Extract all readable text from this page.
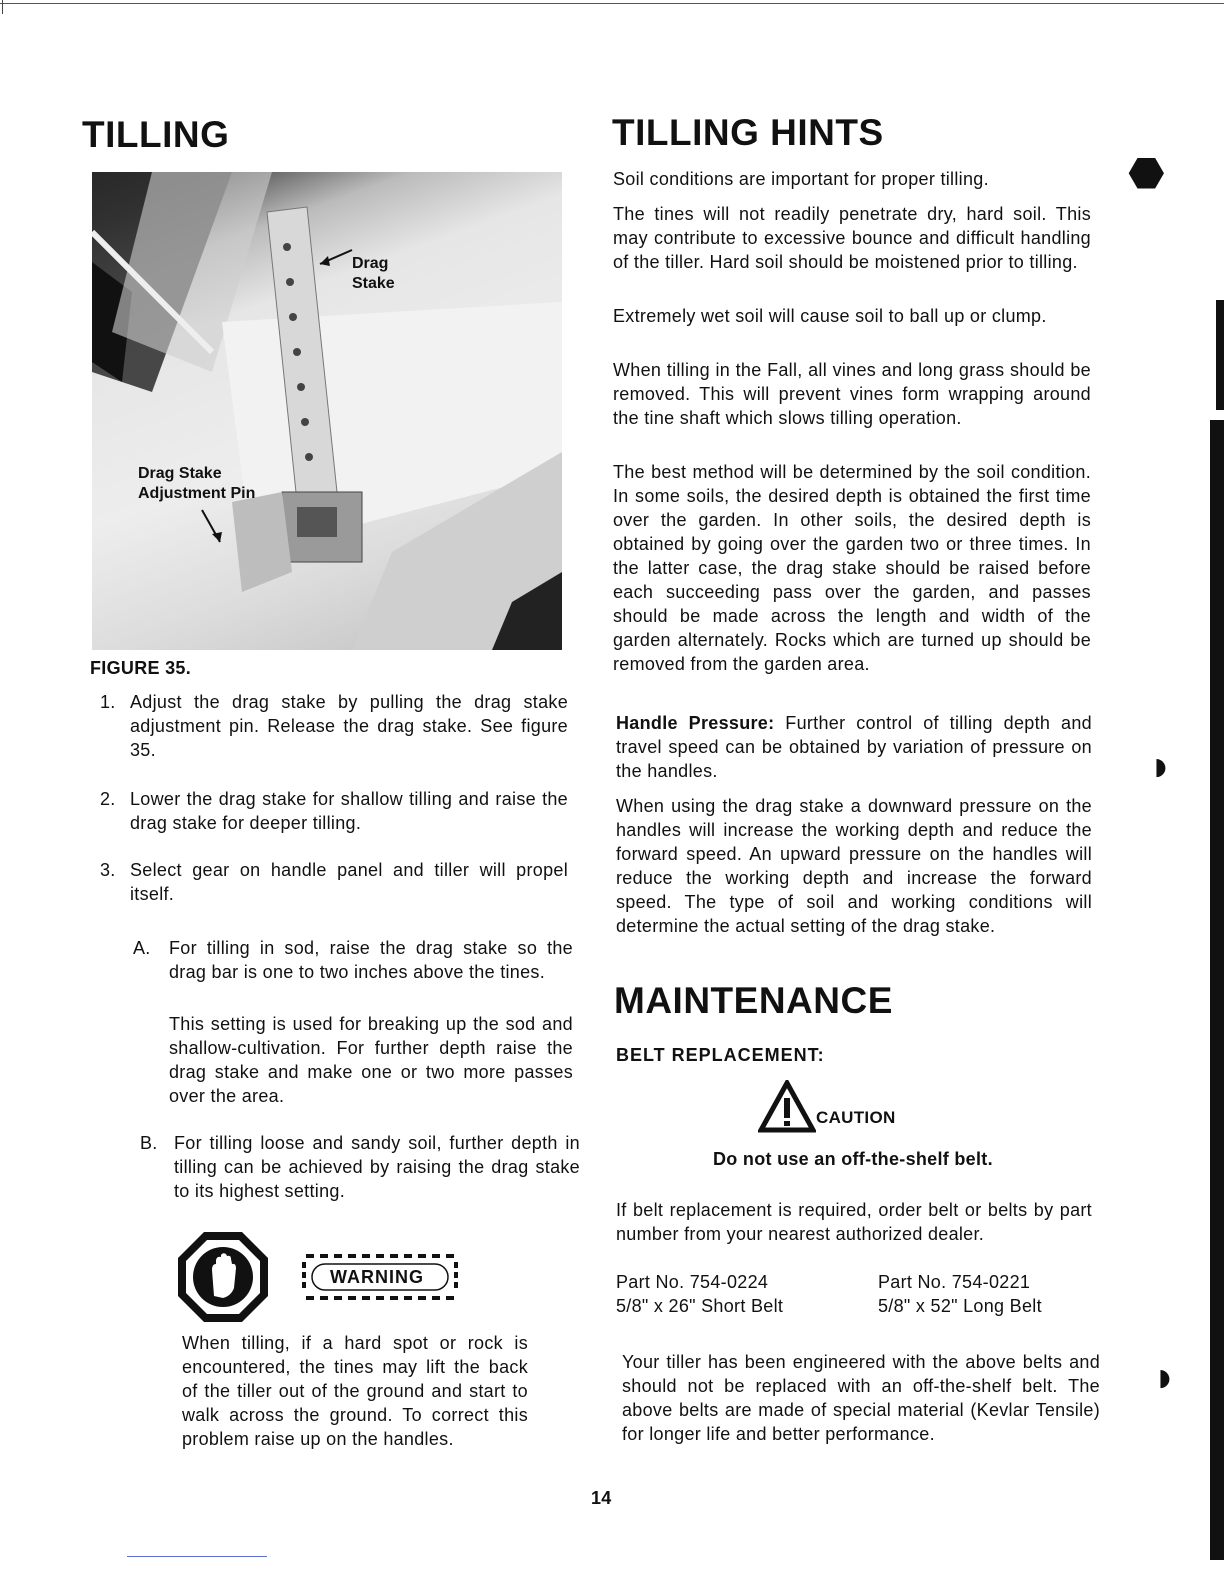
⬣
◗
◗
TILLING
Drag
Stake
Drag Stake
Adjustment Pin
FIGURE 35.
1. Adjust the drag stake by pulling the drag stake adjustment pin. Release the drag stake. See figure 35.
2. Lower the drag stake for shallow tilling and raise the drag stake for deeper tilling.
3. Select gear on handle panel and tiller will propel itself.
A. For tilling in sod, raise the drag stake so the drag bar is one to two inches above the tines.
This setting is used for breaking up the sod and shallow-cultivation. For further depth raise the drag stake and make one or two more passes over the area.
B. For tilling loose and sandy soil, further depth in tilling can be achieved by raising the drag stake to its highest setting.
WARNING
When tilling, if a hard spot or rock is encountered, the tines may lift the back of the tiller out of the ground and start to walk across the ground. To correct this problem raise up on the handles.
TILLING HINTS
Soil conditions are important for proper tilling.
The tines will not readily penetrate dry, hard soil. This may contribute to excessive bounce and difficult handling of the tiller. Hard soil should be moistened prior to tilling.
Extremely wet soil will cause soil to ball up or clump.
When tilling in the Fall, all vines and long grass should be removed. This will prevent vines form wrapping around the tine shaft which slows tilling operation.
The best method will be determined by the soil condition. In some soils, the desired depth is obtained the first time over the garden. In other soils, the desired depth is obtained by going over the garden two or three times. In the latter case, the drag stake should be raised before each succeeding pass over the garden, and passes should be made across the length and width of the garden alternately. Rocks which are turned up should be removed from the garden area.
Handle Pressure: Further control of tilling depth and travel speed can be obtained by variation of pressure on the handles.
When using the drag stake a downward pressure on the handles will increase the working depth and reduce the forward speed. An upward pressure on the handles will reduce the working depth and increase the forward speed. The type of soil and working conditions will determine the actual setting of the drag stake.
MAINTENANCE
BELT REPLACEMENT:
CAUTION
Do not use an off-the-shelf belt.
If belt replacement is required, order belt or belts by part number from your nearest authorized dealer.
Part No. 754-0224
5/8" x 26" Short Belt
Part No. 754-0221
5/8" x 52" Long Belt
Your tiller has been engineered with the above belts and should not be replaced with an off-the-shelf belt. The above belts are made of special material (Kevlar Tensile) for longer life and better performance.
14
